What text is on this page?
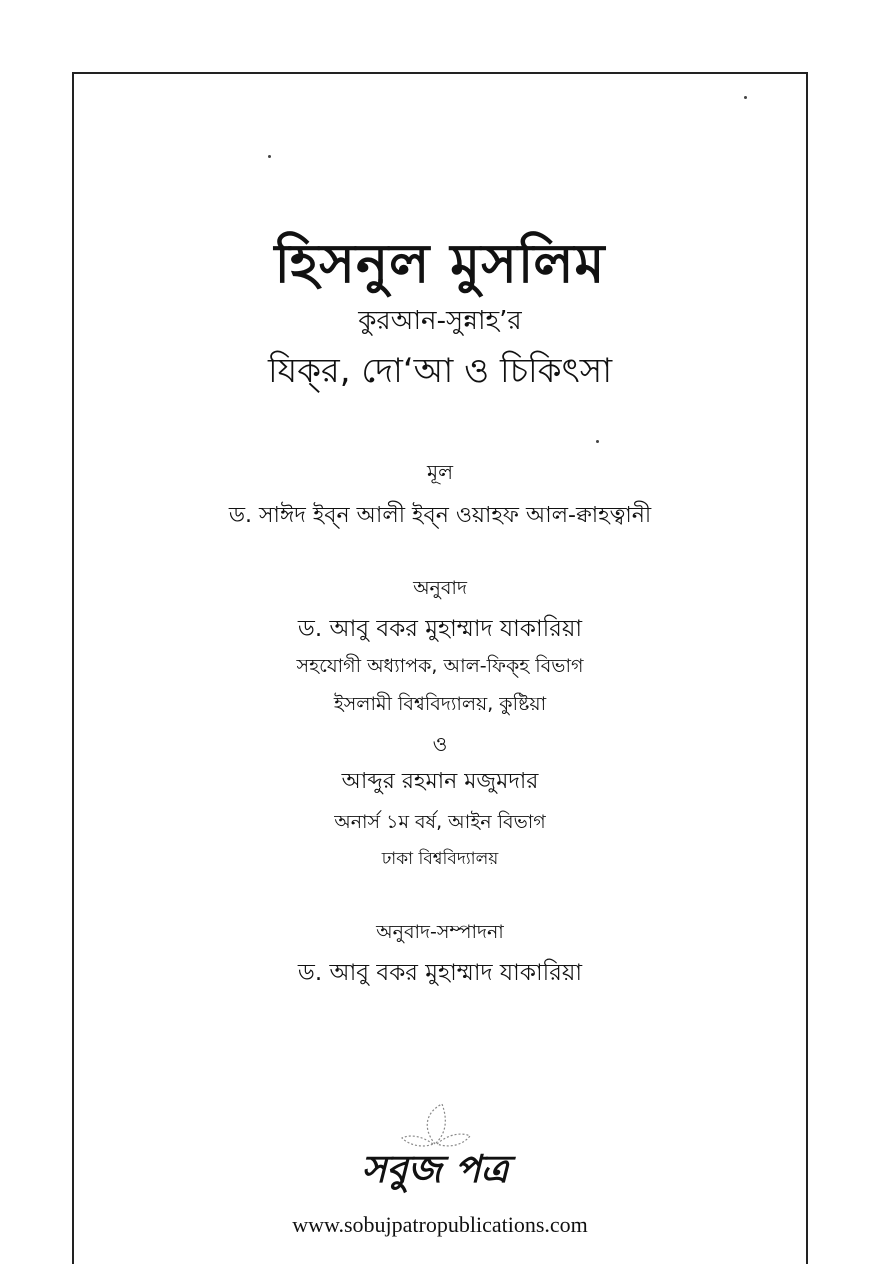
হিসনুল মুসলিম
কুরআন-সুন্নাহ’র
যিক্‌র, দো‘আ ও চিকিৎসা
মূল
ড. সাঈদ ইব্‌ন আলী ইব্‌ন ওয়াহফ আল-ক্বাহত্বানী
অনুবাদ
ড. আবু বকর মুহাম্মাদ যাকারিয়া
সহযোগী অধ্যাপক, আল-ফিক্‌হ বিভাগ
ইসলামী বিশ্ববিদ্যালয়, কুষ্টিয়া
ও
আব্দুর রহমান মজুমদার
অনার্স ১ম বর্ষ, আইন বিভাগ
ঢাকা বিশ্ববিদ্যালয়
অনুবাদ-সম্পাদনা
ড. আবু বকর মুহাম্মাদ যাকারিয়া
সবুজ পত্র
www.sobujpatropublications.com
